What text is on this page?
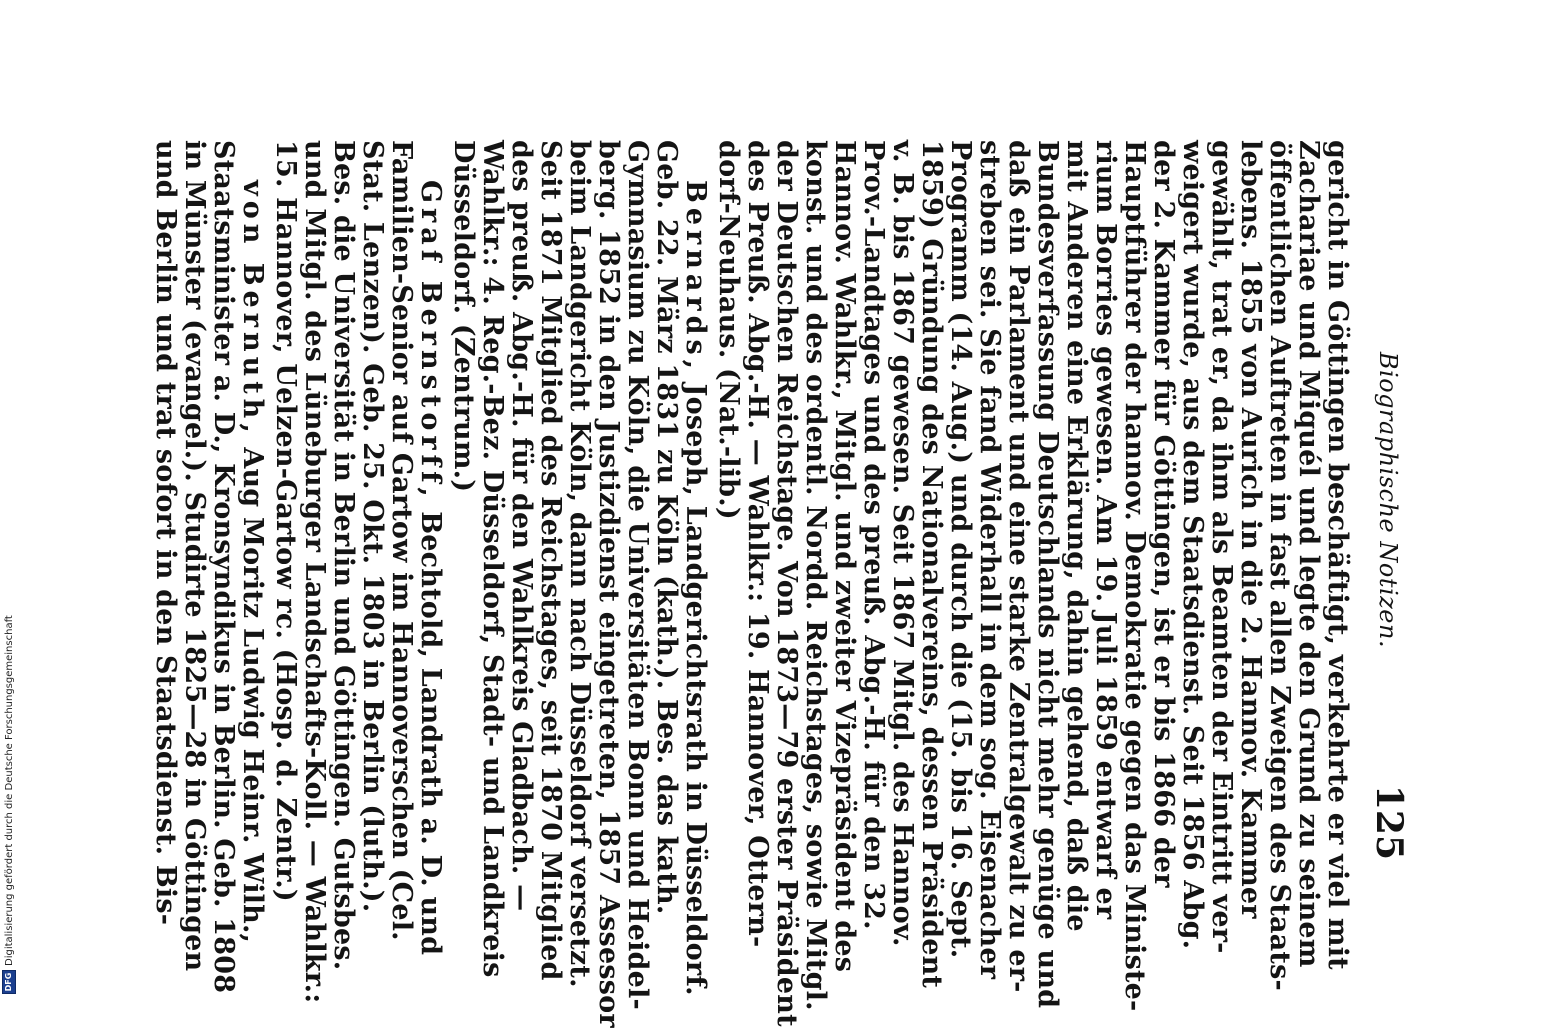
DFG
Digitalisierung gefördert durch die Deutsche Forschungsgemeinschaft
Biographische Notizen.
125
gericht in Göttingen beschäftigt, verkehrte er viel mit
Zachariae und Miquél und legte den Grund zu seinem
öffentlichen Auftreten in fast allen Zweigen des Staats-
lebens. 1855 von Aurich in die 2. Hannov. Kammer
gewählt, trat er, da ihm als Beamten der Eintritt ver-
weigert wurde, aus dem Staatsdienst. Seit 1856 Abg.
der 2. Kammer für Göttingen, ist er bis 1866 der
Hauptführer der hannov. Demokratie gegen das Ministe-
rium Borries gewesen. Am 19. Juli 1859 entwarf er
mit Anderen eine Erklärung, dahin gehend, daß die
Bundesverfassung Deutschlands nicht mehr genüge und
daß ein Parlament und eine starke Zentralgewalt zu er-
streben sei. Sie fand Widerhall in dem sog. Eisenacher
Programm (14. Aug.) und durch die (15. bis 16. Sept.
1859) Gründung des Nationalvereins, dessen Präsident
v. B. bis 1867 gewesen. Seit 1867 Mitgl. des Hannov.
Prov.-Landtages und des preuß. Abg.-H. für den 32.
Hannov. Wahlkr., Mitgl. und zweiter Vizepräsident des
konst. und des ordentl. Nordd. Reichstages, sowie Mitgl.
der Deutschen Reichstage. Von 1873—79 erster Präsident
des Preuß. Abg.-H. — Wahlkr.: 19. Hannover, Ottern-
dorf-Neuhaus. (Nat.-lib.)
Bernards, Joseph, Landgerichtsrath in Düsseldorf.
Geb. 22. März 1831 zu Köln (kath.). Bes. das kath.
Gymnasium zu Köln, die Universitäten Bonn und Heidel-
berg. 1852 in den Justizdienst eingetreten, 1857 Assessor
beim Landgericht Köln, dann nach Düsseldorf versetzt.
Seit 1871 Mitglied des Reichstages, seit 1870 Mitglied
des preuß. Abg.-H. für den Wahlkreis Gladbach. —
Wahlkr.: 4. Reg.-Bez. Düsseldorf, Stadt- und Landkreis
Düsseldorf. (Zentrum.)
Graf Bernstorff, Bechtold, Landrath a. D. und
Familien-Senior auf Gartow im Hannoverschen (Cel.
Stat. Lenzen). Geb. 25. Okt. 1803 in Berlin (luth.).
Bes. die Universität in Berlin und Göttingen. Gutsbes.
und Mitgl. des Lüneburger Landschafts-Koll. — Wahlkr.:
15. Hannover, Uelzen-Gartow rc. (Hosp. d. Zentr.)
von Bernuth, Aug Moritz Ludwig Heinr. Wilh.,
Staatsminister a. D., Kronsyndikus in Berlin. Geb. 1808
in Münster (evangel.). Studirte 1825—28 in Göttingen
und Berlin und trat sofort in den Staatsdienst. Bis-
